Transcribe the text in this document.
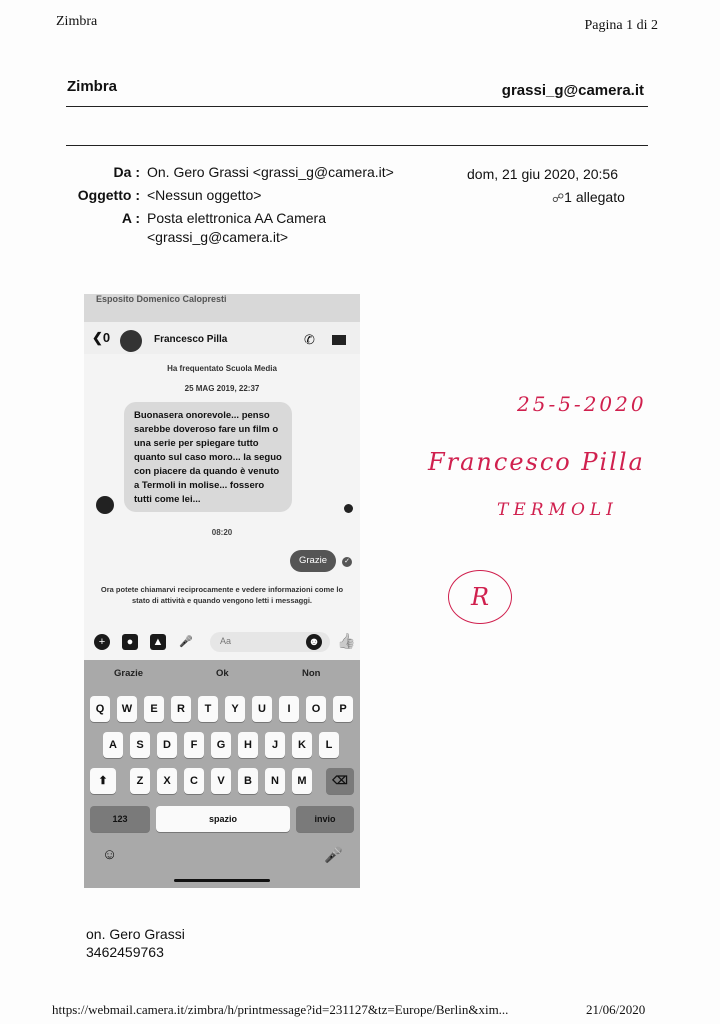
Zimbra	Pagina 1 di 2
Zimbra	grassi_g@camera.it
Da : On. Gero Grassi <grassi_g@camera.it>
Oggetto : <Nessun oggetto>
A : Posta elettronica AA Camera
<grassi_g@camera.it>
dom, 21 giu 2020, 20:56
☍1 allegato
Esposito Domenico Calopresti
❮0	Francesco Pilla	✆
Ha frequentato Scuola Media
25 MAG 2019, 22:37
Buonasera onorevole... penso sarebbe doveroso fare un film o una serie per spiegare tutto quanto sul caso moro... la seguo con piacere da quando è venuto a Termoli in molise... fossero tutti come lei...
08:20
Grazie	✓
Ora potete chiamarvi reciprocamente e vedere informazioni come lo stato di attività e quando vengono letti i messaggi.
+	●	▲ 🎤	Aa	☻ 👍
Grazie	Ok	Non
Q	W	E	R	T	Y	U	I	O	P
A	S	D	F	G	H	J	K	L
⬆	Z	X	C	V	B	N	M	⌫
123	spazio	invio
☺	🎤
25-5-2020
Francesco Pilla
TERMOLI
R
on. Gero Grassi
3462459763
https://webmail.camera.it/zimbra/h/printmessage?id=231127&tz=Europe/Berlin&xim...	21/06/2020
